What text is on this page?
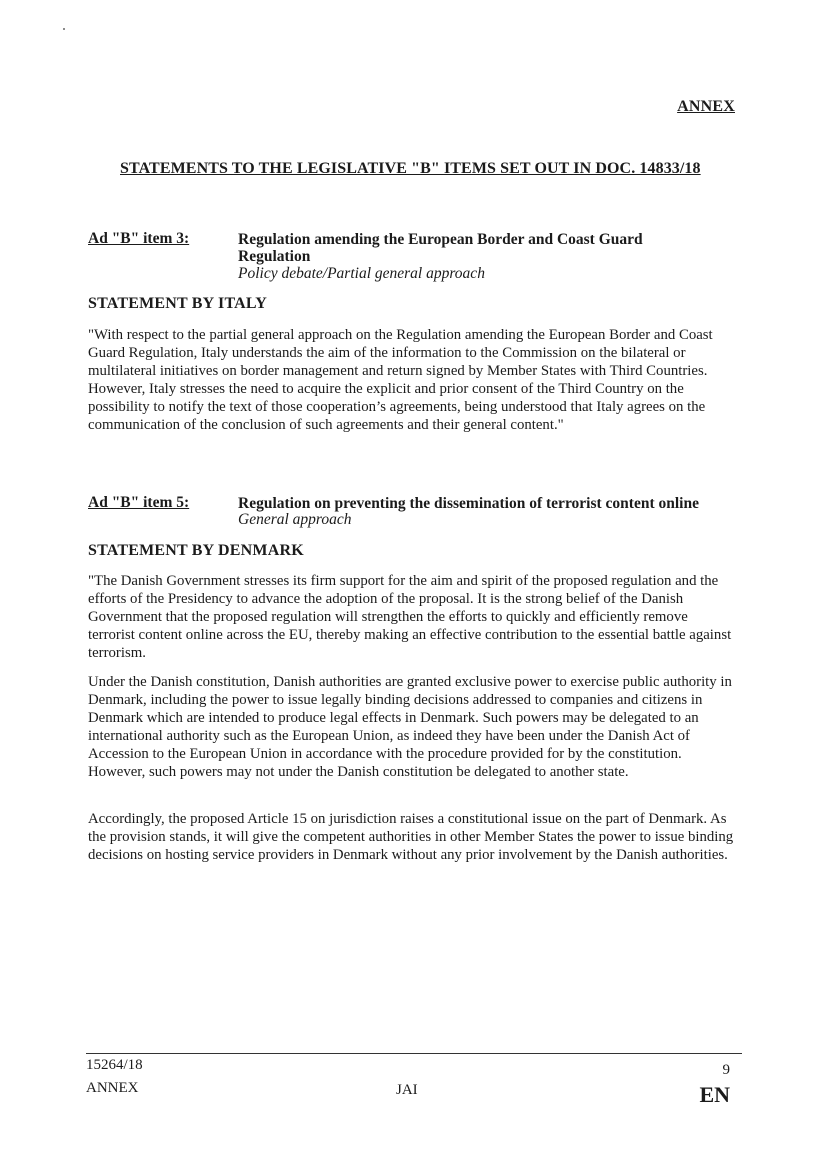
ANNEX
STATEMENTS TO THE LEGISLATIVE "B" ITEMS SET OUT IN DOC. 14833/18
Ad "B" item 3:	Regulation amending the European Border and Coast Guard
Regulation
Policy debate/Partial general approach
STATEMENT BY ITALY
"With respect to the partial general approach on the Regulation amending the European Border and Coast Guard Regulation, Italy understands the aim of the information to the Commission on the bilateral or multilateral initiatives on border management and return signed by Member States with Third Countries. However, Italy stresses the need to acquire the explicit and prior consent of the Third Country on the possibility to notify the text of those cooperation’s agreements, being understood that Italy agrees on the communication of the conclusion of such agreements and their general content."
Ad "B" item 5:	Regulation on preventing the dissemination of terrorist content online
General approach
STATEMENT BY DENMARK
"The Danish Government stresses its firm support for the aim and spirit of the proposed regulation and the efforts of the Presidency to advance the adoption of the proposal. It is the strong belief of the Danish Government that the proposed regulation will strengthen the efforts to quickly and efficiently remove terrorist content online across the EU, thereby making an effective contribution to the essential battle against terrorism.
Under the Danish constitution, Danish authorities are granted exclusive power to exercise public authority in Denmark, including the power to issue legally binding decisions addressed to companies and citizens in Denmark which are intended to produce legal effects in Denmark. Such powers may be delegated to an international authority such as the European Union, as indeed they have been under the Danish Act of Accession to the European Union in accordance with the procedure provided for by the constitution. However, such powers may not under the Danish constitution be delegated to another state.
Accordingly, the proposed Article 15 on jurisdiction raises a constitutional issue on the part of Denmark. As the provision stands, it will give the competent authorities in other Member States the power to issue binding decisions on hosting service providers in Denmark without any prior involvement by the Danish authorities.
15264/18	9
ANNEX	JAI	EN
